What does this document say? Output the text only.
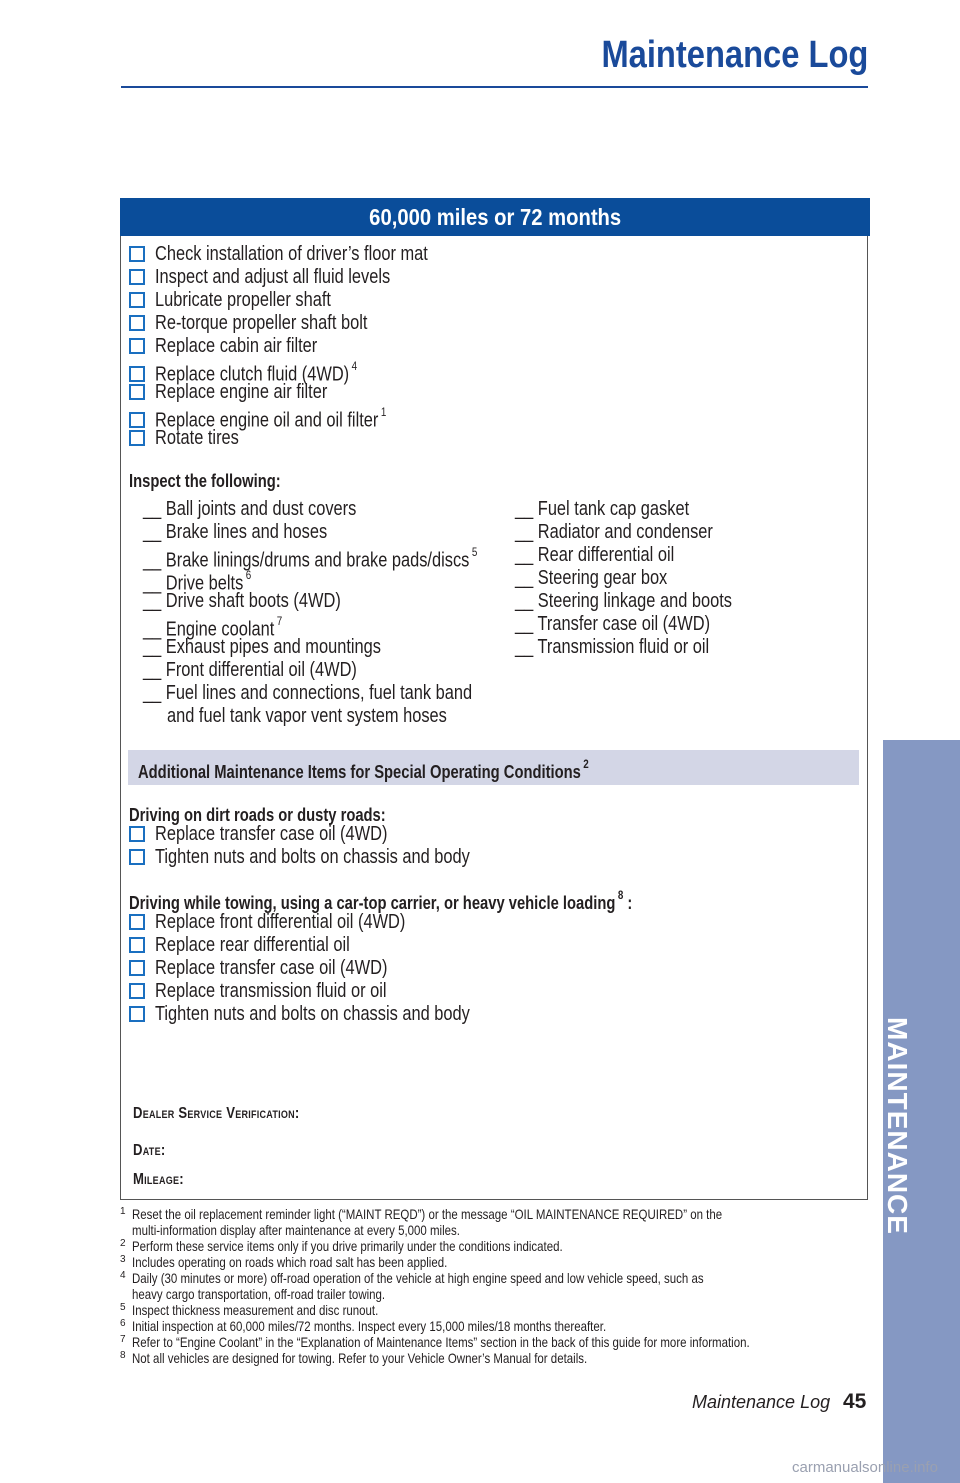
Maintenance Log
60,000 miles or 72 months
Check installation of driver’s floor mat
Inspect and adjust all fluid levels
Lubricate propeller shaft
Re-torque propeller shaft bolt
Replace cabin air filter
Replace clutch fluid (4WD) $^4$
Replace engine air filter
Replace engine oil and oil filter $^1$
Rotate tires
Inspect the following:
__ Ball joints and dust covers
__ Brake lines and hoses
__ Brake linings/drums and brake pads/discs $^5$
__ Drive belts $^6$
__ Drive shaft boots (4WD)
__ Engine coolant $^7$
__ Exhaust pipes and mountings
__ Front differential oil (4WD)
__ Fuel lines and connections, fuel tank band
and fuel tank vapor vent system hoses
__ Fuel tank cap gasket
__ Radiator and condenser
__ Rear differential oil
__ Steering gear box
__ Steering linkage and boots
__ Transfer case oil (4WD)
__ Transmission fluid or oil
Additional Maintenance Items for Special Operating Conditions $^2$
Driving on dirt roads or dusty roads:
Replace transfer case oil (4WD)
Tighten nuts and bolts on chassis and body
Driving while towing, using a car-top carrier, or heavy vehicle loading $^8$ :
Replace front differential oil (4WD)
Replace rear differential oil
Replace transfer case oil (4WD)
Replace transmission fluid or oil
Tighten nuts and bolts on chassis and body
Dealer Service Verification:
Date:
Mileage:
1 Reset the oil replacement reminder light (“MAINT REQD”) or the message “OIL MAINTENANCE REQUIRED” on the
multi-information display after maintenance at every 5,000 miles.
2 Perform these service items only if you drive primarily under the conditions indicated.
3 Includes operating on roads which road salt has been applied.
4 Daily (30 minutes or more) off-road operation of the vehicle at high engine speed and low vehicle speed, such as
heavy cargo transportation, off-road trailer towing.
5 Inspect thickness measurement and disc runout.
6 Initial inspection at 60,000 miles/72 months. Inspect every 15,000 miles/18 months thereafter.
7 Refer to “Engine Coolant” in the “Explanation of Maintenance Items” section in the back of this guide for more information.
8 Not all vehicles are designed for towing. Refer to your Vehicle Owner’s Manual for details.
Maintenance Log 45
MAINTENANCE
carmanualsonline.info
